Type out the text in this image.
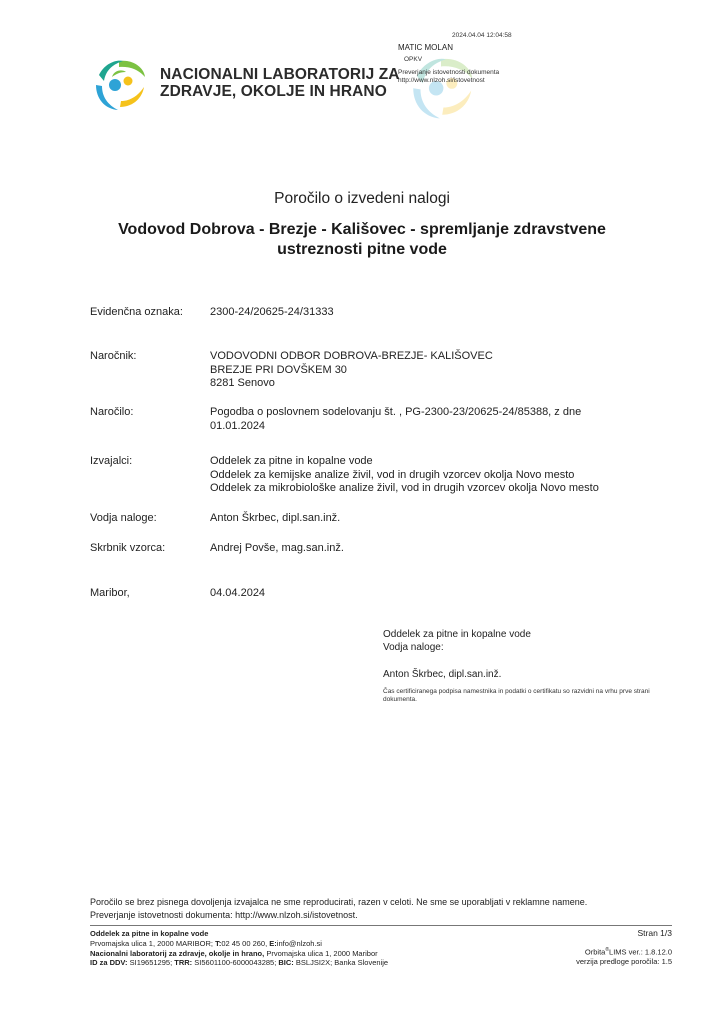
NACIONALNI LABORATORIJ ZA
ZDRAVJE, OKOLJE IN HRANO
2024.04.04 12:04:58
MATIC MOLAN
OPKV
Preverjanje istovetnosti dokumenta
http://www.nlzoh.si/istovetnost
Poročilo o izvedeni nalogi
Vodovod Dobrova - Brezje - Kališovec - spremljanje zdravstvene
ustreznosti pitne vode
Evidenčna oznaka: 2300-24/20625-24/31333
Naročnik:	VODOVODNI ODBOR DOBROVA-BREZJE- KALIŠOVEC
BREZJE PRI DOVŠKEM 30
8281 Senovo
Naročilo:	Pogodba o poslovnem sodelovanju št. , PG-2300-23/20625-24/85388, z dne
01.01.2024
Izvajalci:	Oddelek za pitne in kopalne vode
Oddelek za kemijske analize živil, vod in drugih vzorcev okolja Novo mesto
Oddelek za mikrobiološke analize živil, vod in drugih vzorcev okolja Novo mesto
Vodja naloge:	Anton Škrbec, dipl.san.inž.
Skrbnik vzorca:	Andrej Povše, mag.san.inž.
Maribor,	04.04.2024
Oddelek za pitne in kopalne vode
Vodja naloge:
Anton Škrbec, dipl.san.inž.
Čas certificiranega podpisa namestnika in podatki o certifikatu so razvidni na vrhu prve strani dokumenta.
Poročilo se brez pisnega dovoljenja izvajalca ne sme reproducirati, razen v celoti. Ne sme se uporabljati v reklamne namene.
Preverjanje istovetnosti dokumenta: http://www.nlzoh.si/istovetnost.
Oddelek za pitne in kopalne vode
Prvomajska ulica 1, 2000 MARIBOR; T:02 45 00 260, E:info@nlzoh.si
Nacionalni laboratorij za zdravje, okolje in hrano, Prvomajska ulica 1, 2000 Maribor
ID za DDV: SI19651295; TRR: SI5601100-6000043285; BIC: BSLJSI2X; Banka Slovenije
Stran 1/3
Orbita®LIMS ver.: 1.8.12.0
verzija predloge poročila: 1.5
